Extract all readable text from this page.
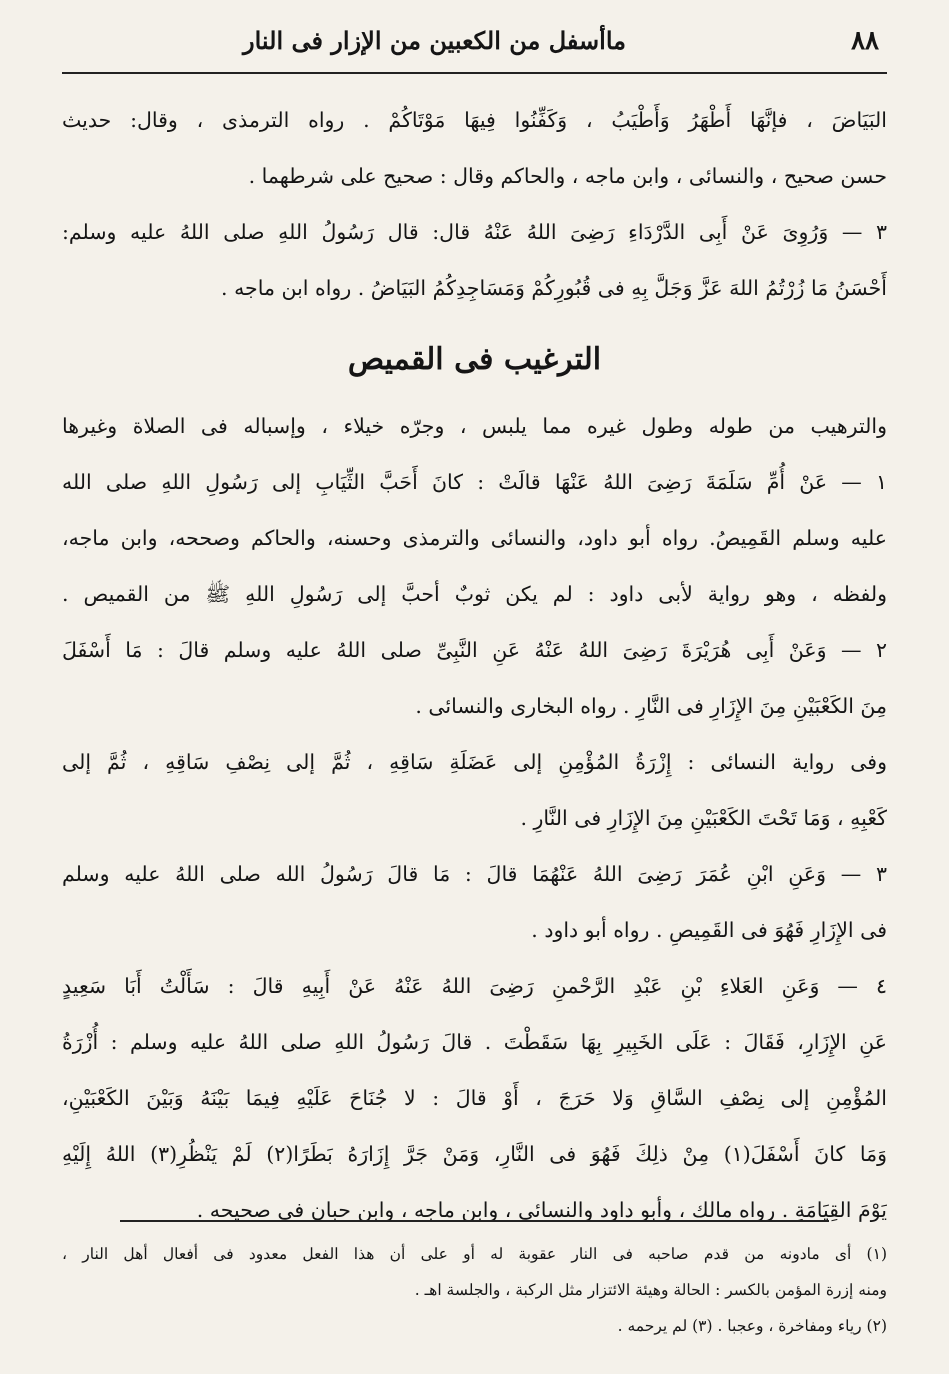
ماأسفل من الكعبين من الإزار فى النار	٨٨
البَيَاضَ ، فإنَّهَا أَطْهَرُ وَأَطْيَبُ ، وَكَفِّنُوا فِيهَا مَوْتَاكُمْ . رواه الترمذى ، وقال: حديث
حسن صحيح ، والنسائى ، وابن ماجه ، والحاكم وقال : صحيح على شرطهما .
٣ — وَرُوِىَ عَنْ أَبِى الدَّرْدَاءِ رَضِىَ اللهُ عَنْهُ قال: قال رَسُولُ اللهِ صلى اللهُ عليه وسلم:
أَحْسَنُ مَا زُرْتُمُ اللهَ عَزَّ وَجَلَّ بِهِ فى قُبُورِكُمْ وَمَسَاجِدِكُمُ البَيَاضُ . رواه ابن ماجه .
الترغيب فى القميص
والترهيب من طوله وطول غيره مما يلبس ، وجرّه خيلاء ، وإسباله فى الصلاة وغيرها
١ — عَنْ أُمِّ سَلَمَةَ رَضِىَ اللهُ عَنْهَا قالَتْ : كانَ أَحَبَّ الثِّيَابِ إلى رَسُولِ اللهِ صلى الله
عليه وسلم القَمِيصُ. رواه أبو داود، والنسائى والترمذى وحسنه، والحاكم وصححه، وابن ماجه،
ولفظه ، وهو رواية لأبى داود : لم يكن ثوبٌ أحبَّ إلى رَسُولِ اللهِ ﷺ من القميص .
٢ — وَعَنْ أَبِى هُرَيْرَةَ رَضِىَ اللهُ عَنْهُ عَنِ النَّبِىِّ صلى اللهُ عليه وسلم قالَ : مَا أَسْفَلَ
مِنَ الكَعْبَيْنِ مِنَ الإِزَارِ فى النَّارِ . رواه البخارى والنسائى .
وفى رواية النسائى : إِزْرَةُ المُؤْمِنِ إلى عَضَلَةِ سَاقِهِ ، ثُمَّ إلى نِصْفِ سَاقِهِ ، ثُمَّ إلى
كَعْبِهِ ، وَمَا تَحْتَ الكَعْبَيْنِ مِنَ الإِزَارِ فى النَّارِ .
٣ — وَعَنِ ابْنِ عُمَرَ رَضِىَ اللهُ عَنْهُمَا قالَ : مَا قالَ رَسُولُ الله صلى اللهُ عليه وسلم
فى الإِزَارِ فَهُوَ فى القَمِيصِ . رواه أبو داود .
٤ — وَعَنِ العَلاءِ بْنِ عَبْدِ الرَّحْمنِ رَضِىَ اللهُ عَنْهُ عَنْ أَبِيهِ قالَ : سَأَلْتُ أَبَا سَعِيدٍ
عَنِ الإِزَارِ، فَقَالَ : عَلَى الخَبِيرِ بِهَا سَقَطْتَ . قالَ رَسُولُ اللهِ صلى اللهُ عليه وسلم : أُزْرَةُ
المُؤْمِنِ إلى نِصْفِ السَّاقِ وَلا حَرَجَ ، أَوْ قالَ : لا جُنَاحَ عَلَيْهِ فِيمَا بَيْنَهُ وَبَيْنَ الكَعْبَيْنِ،
وَمَا كانَ أَسْفَلَ(١) مِنْ ذلِكَ فَهُوَ فى النَّارِ، وَمَنْ جَرَّ إِزَارَهُ بَطَرًا(٢) لَمْ يَنْظُرِ(٣) اللهُ إِلَيْهِ
يَوْمَ القِيَامَةِ . رواه مالك ، وأبو داود والنسائى ، وابن ماجه ، وابن حبان فى صحيحه .
(١) أى مادونه من قدم صاحبه فى النار عقوبة له أو على أن هذا الفعل معدود فى أفعال أهل النار ،
ومنه إزرة المؤمن بالكسر : الحالة وهيئة الائتزار مثل الركبة ، والجلسة اهـ .
(٢) رياء ومفاخرة ، وعجبا . (٣) لم يرحمه .
